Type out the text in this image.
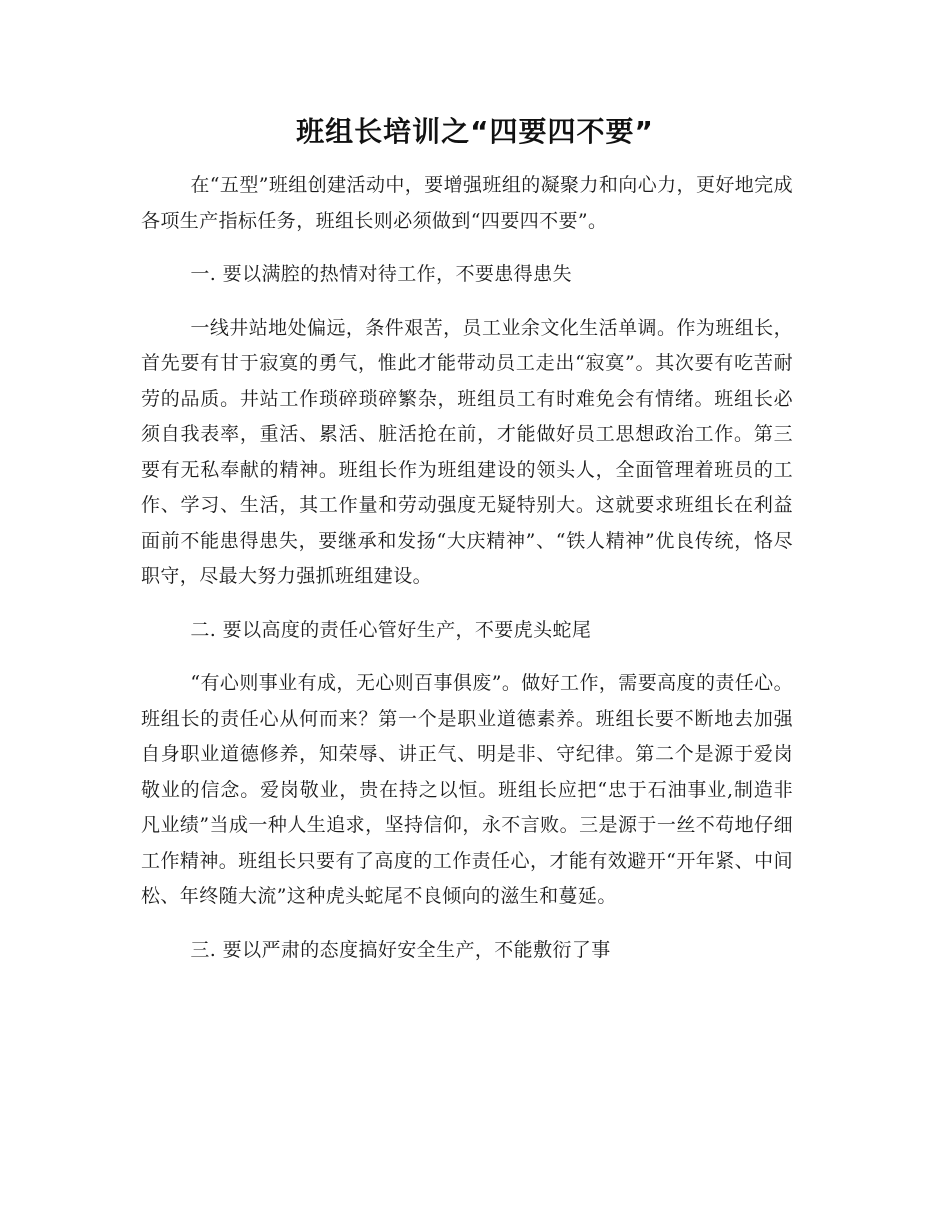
班组长培训之“四要四不要”

在“五型”班组创建活动中，要增强班组的凝聚力和向心力，更好地完成各项生产指标任务，班组长则必须做到“四要四不要”。

一. 要以满腔的热情对待工作，不要患得患失

一线井站地处偏远，条件艰苦，员工业余文化生活单调。作为班组长，首先要有甘于寂寞的勇气，惟此才能带动员工走出“寂寞”。其次要有吃苦耐劳的品质。井站工作琐碎琐碎繁杂，班组员工有时难免会有情绪。班组长必须自我表率，重活、累活、脏活抢在前，才能做好员工思想政治工作。第三要有无私奉献的精神。班组长作为班组建设的领头人，全面管理着班员的工作、学习、生活，其工作量和劳动强度无疑特别大。这就要求班组长在利益面前不能患得患失，要继承和发扬“大庆精神”、“铁人精神”优良传统，恪尽职守，尽最大努力强抓班组建设。

二. 要以高度的责任心管好生产，不要虎头蛇尾

“有心则事业有成，无心则百事俱废”。做好工作，需要高度的责任心。班组长的责任心从何而来？第一个是职业道德素养。班组长要不断地去加强自身职业道德修养，知荣辱、讲正气、明是非、守纪律。第二个是源于爱岗敬业的信念。爱岗敬业，贵在持之以恒。班组长应把“忠于石油事业,制造非凡业绩”当成一种人生追求，坚持信仰，永不言败。三是源于一丝不苟地仔细工作精神。班组长只要有了高度的工作责任心，才能有效避开“开年紧、中间松、年终随大流”这种虎头蛇尾不良倾向的滋生和蔓延。

三. 要以严肃的态度搞好安全生产，不能敷衍了事
